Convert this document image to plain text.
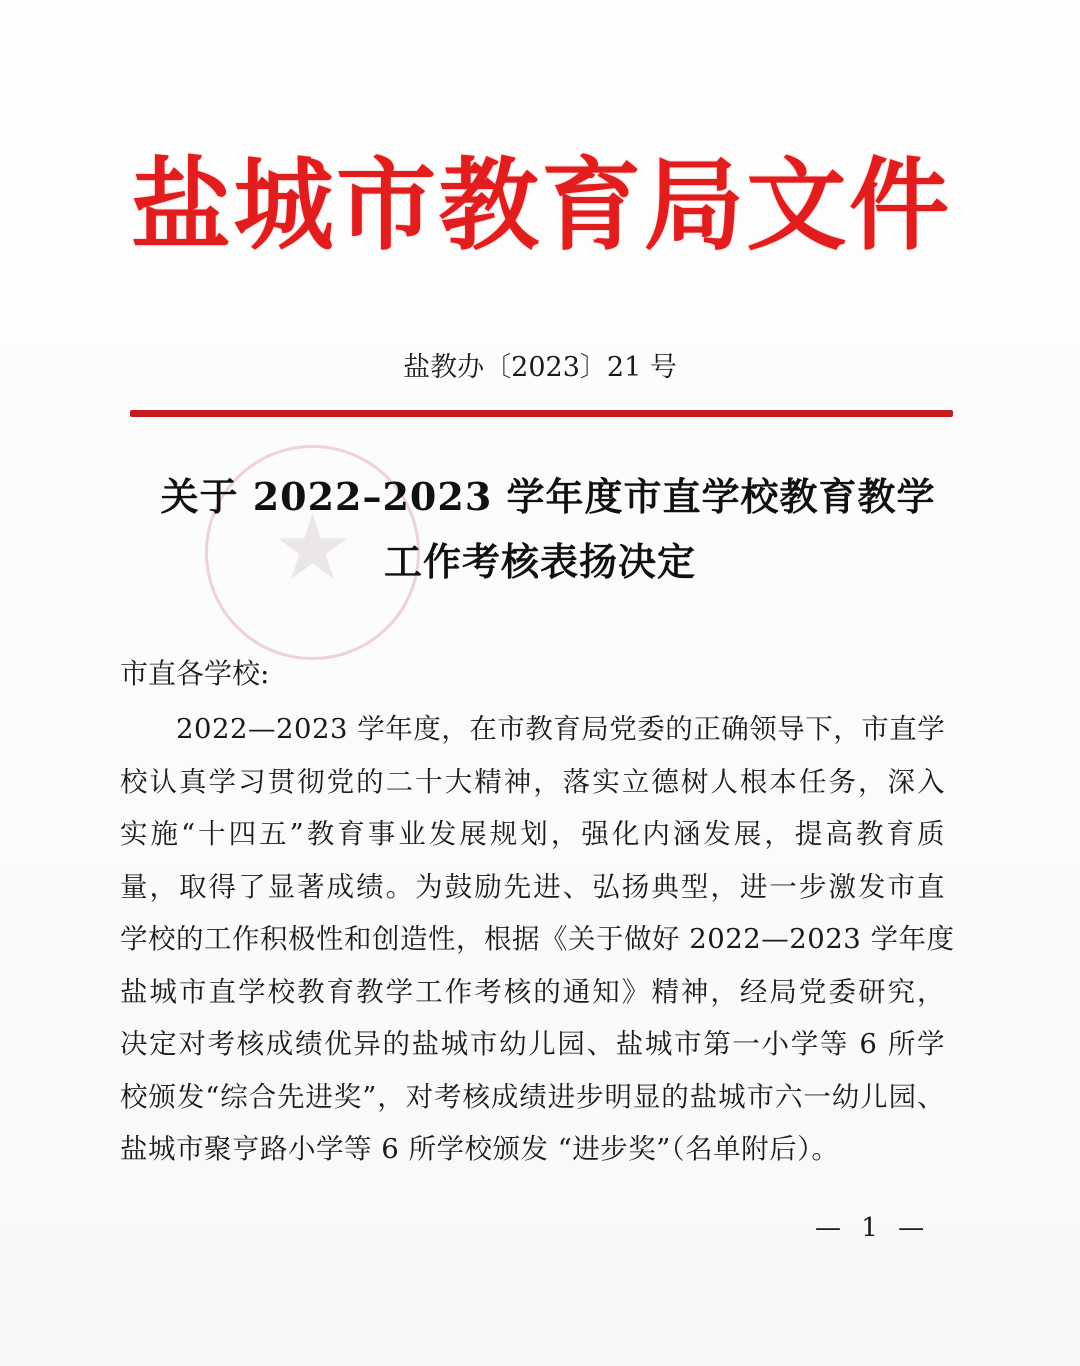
盐 城 市 教 育 局 文 件
盐教办〔2023〕21 号
★
关于 2022–2023 学年度市直学校教育教学
工作考核表扬决定
市直各学校:
2022—2023 学年度，在市教育局党委的正确领导下，市直学
校认真学习贯彻党的二十大精神，落实立德树人根本任务，深入
实施“十四五”教育事业发展规划，强化内涵发展，提高教育质
量，取得了显著成绩。为鼓励先进、弘扬典型，进一步激发市直
学校的工作积极性和创造性，根据《关于做好 2022—2023 学年度
盐城市直学校教育教学工作考核的通知》精神，经局党委研究，
决定对考核成绩优异的盐城市幼儿园、盐城市第一小学等 6 所学
校颁发“综合先进奖”，对考核成绩进步明显的盐城市六一幼儿园、
盐城市聚亨路小学等 6 所学校颁发 “进步奖”（名单附后）。
— 1 —
